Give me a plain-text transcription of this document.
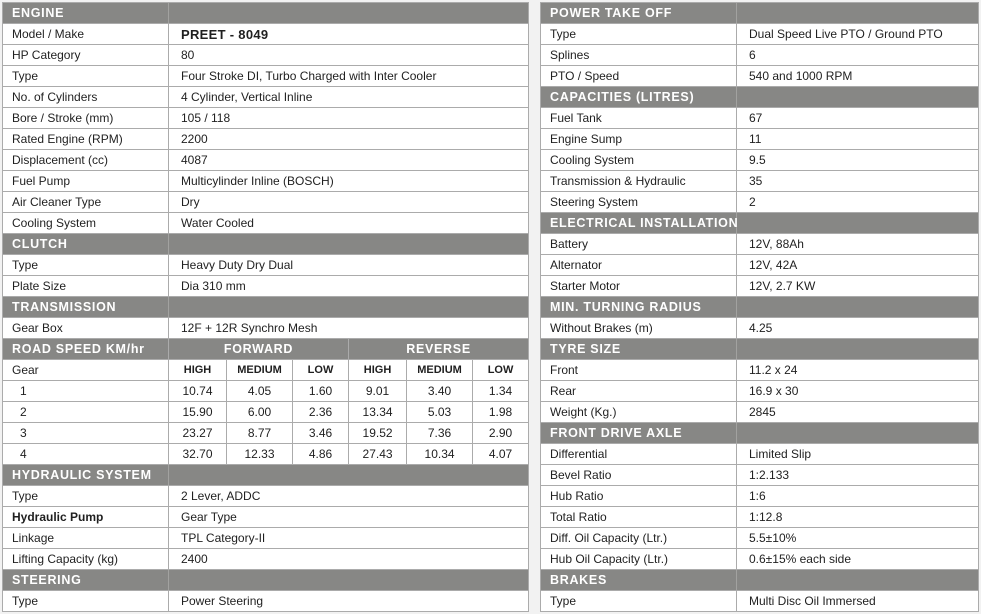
ENGINE	
Model / Make	PREET - 8049
HP Category	80
Type	Four Stroke DI, Turbo Charged with Inter Cooler
No. of Cylinders	4 Cylinder, Vertical Inline
Bore / Stroke (mm)	105 / 118
Rated Engine (RPM)	2200
Displacement (cc)	4087
Fuel Pump	Multicylinder Inline (BOSCH)
Air Cleaner Type	Dry
Cooling System	Water Cooled
CLUTCH	
Type	Heavy Duty Dry Dual
Plate Size	Dia 310 mm
TRANSMISSION
Gear Box	12F + 12R Synchro Mesh
ROAD SPEED KM/hr	FORWARD			REVERSE		
Gear	HIGH	MEDIUM	LOW	HIGH	MEDIUM	LOW
1	10.74	4.05	1.60	9.01	3.40	1.34
2	15.90	6.00	2.36	13.34	5.03	1.98
3	23.27	8.77	3.46	19.52	7.36	2.90
4	32.70	12.33	4.86	27.43	10.34	4.07
HYDRAULIC SYSTEM	
Type	2 Lever, ADDC
Hydraulic Pump	Gear Type
Linkage	TPL Category-II
Lifting Capacity (kg)	2400
STEERING
Type	Power Steering
POWER TAKE OFF	
Type	Dual Speed Live PTO / Ground PTO
Splines	6
PTO / Speed	540 and 1000 RPM
CAPACITIES (LITRES)	
Fuel Tank	67
Engine Sump	11
Cooling System	9.5
Transmission & Hydraulic	35
Steering System	2
ELECTRICAL INSTALLATION	
Battery	12V, 88Ah
Alternator	12V, 42A
Starter Motor	12V, 2.7 KW
MIN. TURNING RADIUS
Without Brakes (m)	4.25
TYRE SIZE	
Front	11.2 x 24
Rear	16.9 x 30
Weight (Kg.)	2845
FRONT DRIVE AXLE	
Differential	Limited Slip
Bevel Ratio	1:2.133
Hub Ratio	1:6
Total Ratio	1:12.8
Diff. Oil Capacity (Ltr.)	5.5±10%
Hub Oil Capacity (Ltr.)	0.6±15% each side
BRAKES
Type	Multi Disc Oil Immersed
